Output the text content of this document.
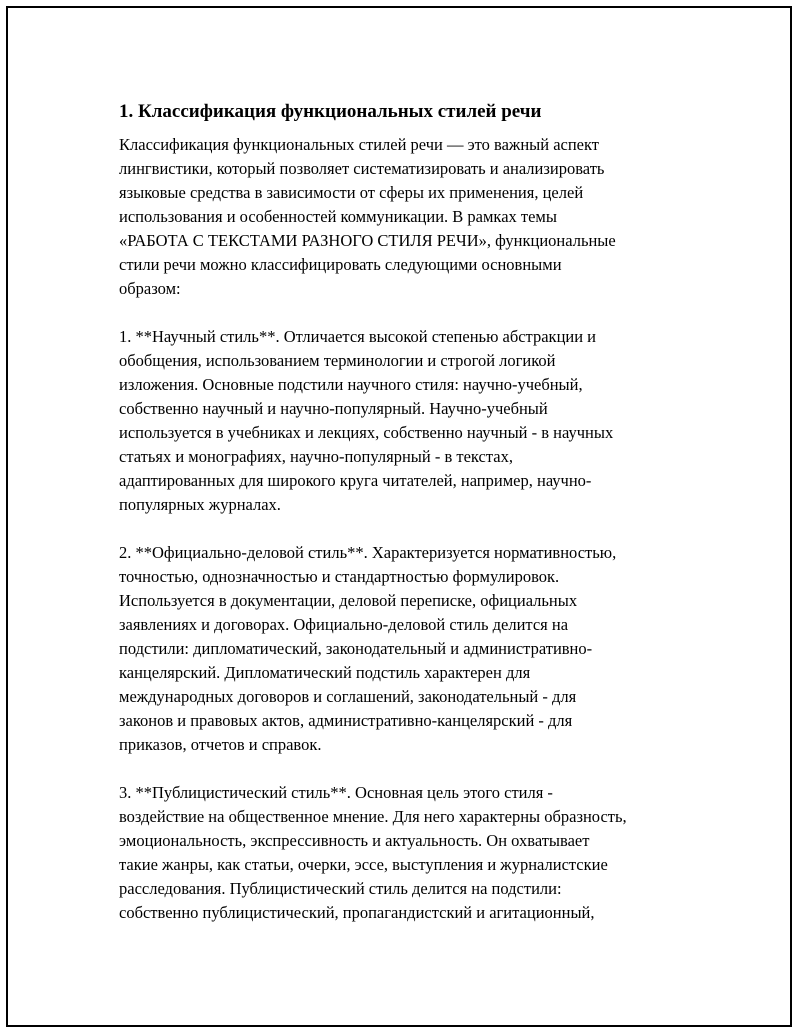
1. Классификация функциональных стилей речи

Классификация функциональных стилей речи — это важный аспект
лингвистики, который позволяет систематизировать и анализировать
языковые средства в зависимости от сферы их применения, целей
использования и особенностей коммуникации. В рамках темы
«РАБОТА С ТЕКСТАМИ РАЗНОГО СТИЛЯ РЕЧИ», функциональные
стили речи можно классифицировать следующими основными
образом:

1. **Научный стиль**. Отличается высокой степенью абстракции и
обобщения, использованием терминологии и строгой логикой
изложения. Основные подстили научного стиля: научно-учебный,
собственно научный и научно-популярный. Научно-учебный
используется в учебниках и лекциях, собственно научный - в научных
статьях и монографиях, научно-популярный - в текстах,
адаптированных для широкого круга читателей, например, научно-
популярных журналах.

2. **Официально-деловой стиль**. Характеризуется нормативностью,
точностью, однозначностью и стандартностью формулировок.
Используется в документации, деловой переписке, официальных
заявлениях и договорах. Официально-деловой стиль делится на
подстили: дипломатический, законодательный и административно-
канцелярский. Дипломатический подстиль характерен для
международных договоров и соглашений, законодательный - для
законов и правовых актов, административно-канцелярский - для
приказов, отчетов и справок.

3. **Публицистический стиль**. Основная цель этого стиля -
воздействие на общественное мнение. Для него характерны образность,
эмоциональность, экспрессивность и актуальность. Он охватывает
такие жанры, как статьи, очерки, эссе, выступления и журналистские
расследования. Публицистический стиль делится на подстили:
собственно публицистический, пропагандистский и агитационный,
